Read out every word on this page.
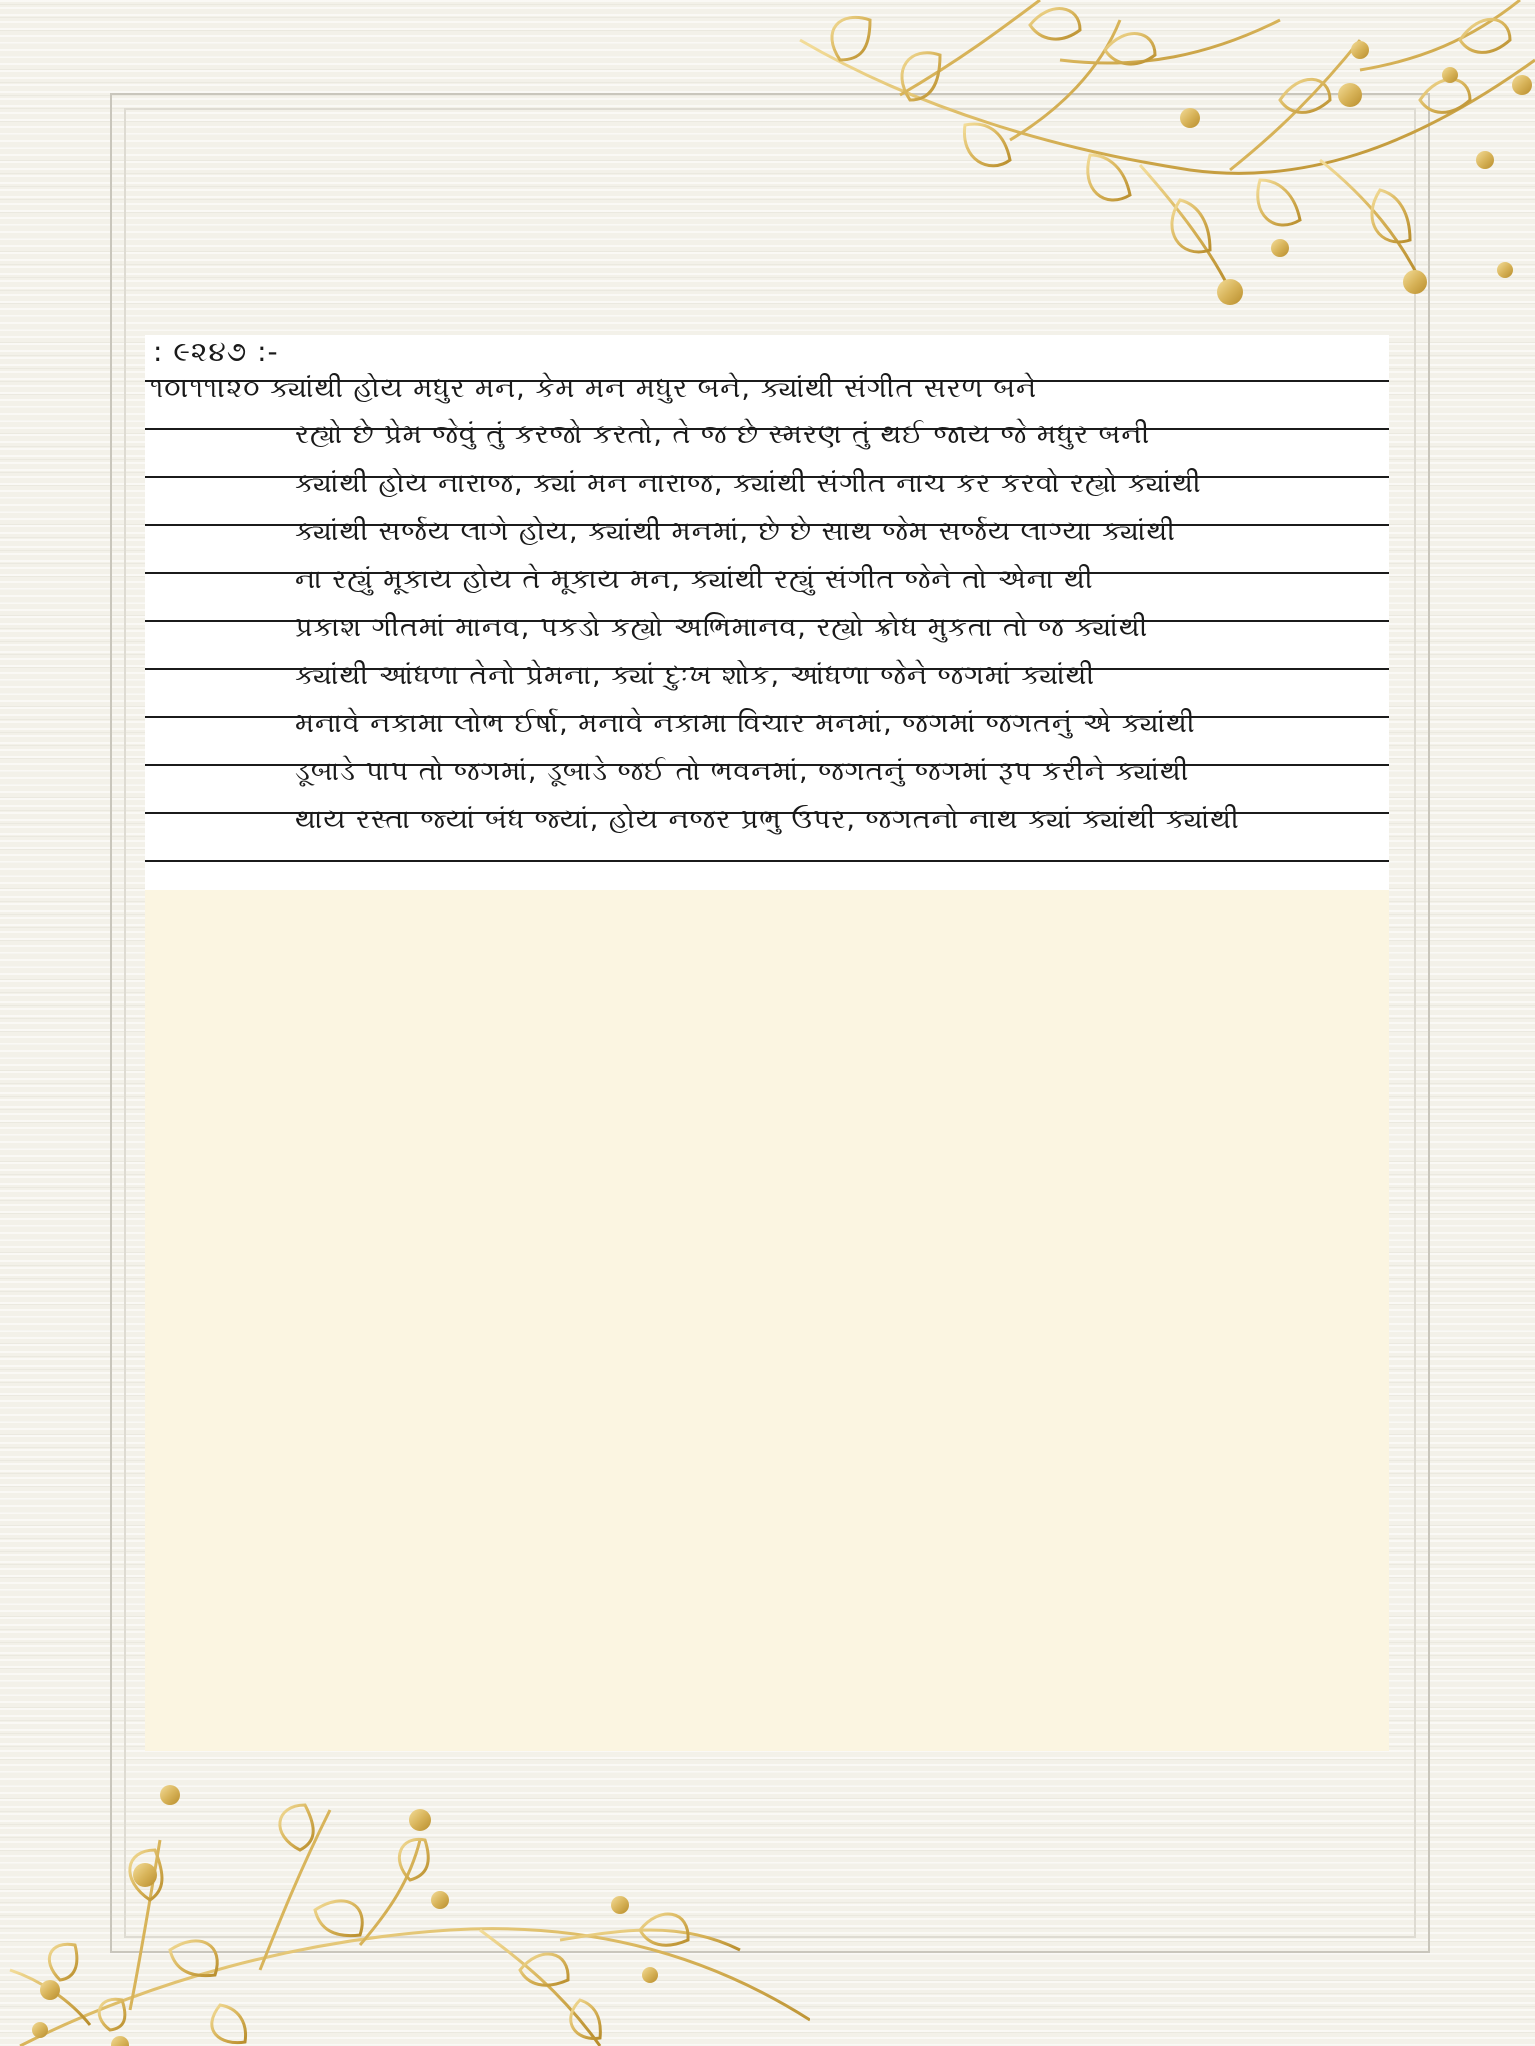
: ૯૨૪૭ :-
૧૦।૧૧।૨૦ ક્યાંથી હોય મધુર મન, કેમ મન મધુર બને, ક્યાંથી સંગીત સરળ બને
રહ્યો છે પ્રેમ જેવું તું કરજો કરતો, તે જ છે સ્મરણ તું થઈ જાય જે મધુર બની
ક્યાંથી હોય નારાજ, ક્યાં મન નારાજ, ક્યાંથી સંગીત નાચ કર કરવો રહ્યો ક્યાંથી
ક્યાંથી સર્જય લાગે હોય, ક્યાંથી મનમાં, છે છે સાથ જેમ સર્જય લાગ્યા ક્યાંથી
ના રહ્યું મૂકાય હોય તે મૂકાય મન, ક્યાંથી રહ્યું સંગીત જેને તો એના થી
પ્રકાશ ગીતમાં માનવ, પકડો કહ્યો અભિમાનવ, રહ્યો ક્રોધ મુકતા તો જ ક્યાંથી
ક્યાંથી આંધળા તેનો પ્રેમના, ક્યાં દુઃખ શોક, આંધળા જેને જગમાં ક્યાંથી
મનાવે નકામા લોભ ઈર્ષા, મનાવે નકામા વિચાર મનમાં, જગમાં જગતનું એ ક્યાંથી
ડૂબાડે પાપ તો જગમાં, ડૂબાડે જઈ તો ભવનમાં, જગતનું જગમાં રૂપ કરીને ક્યાંથી
થાય રસ્તા જ્યાં બંધ જ્યાં, હોય નજર પ્રભુ ઉપર, જગતનો નાથ ક્યાં ક્યાંથી ક્યાંથી
